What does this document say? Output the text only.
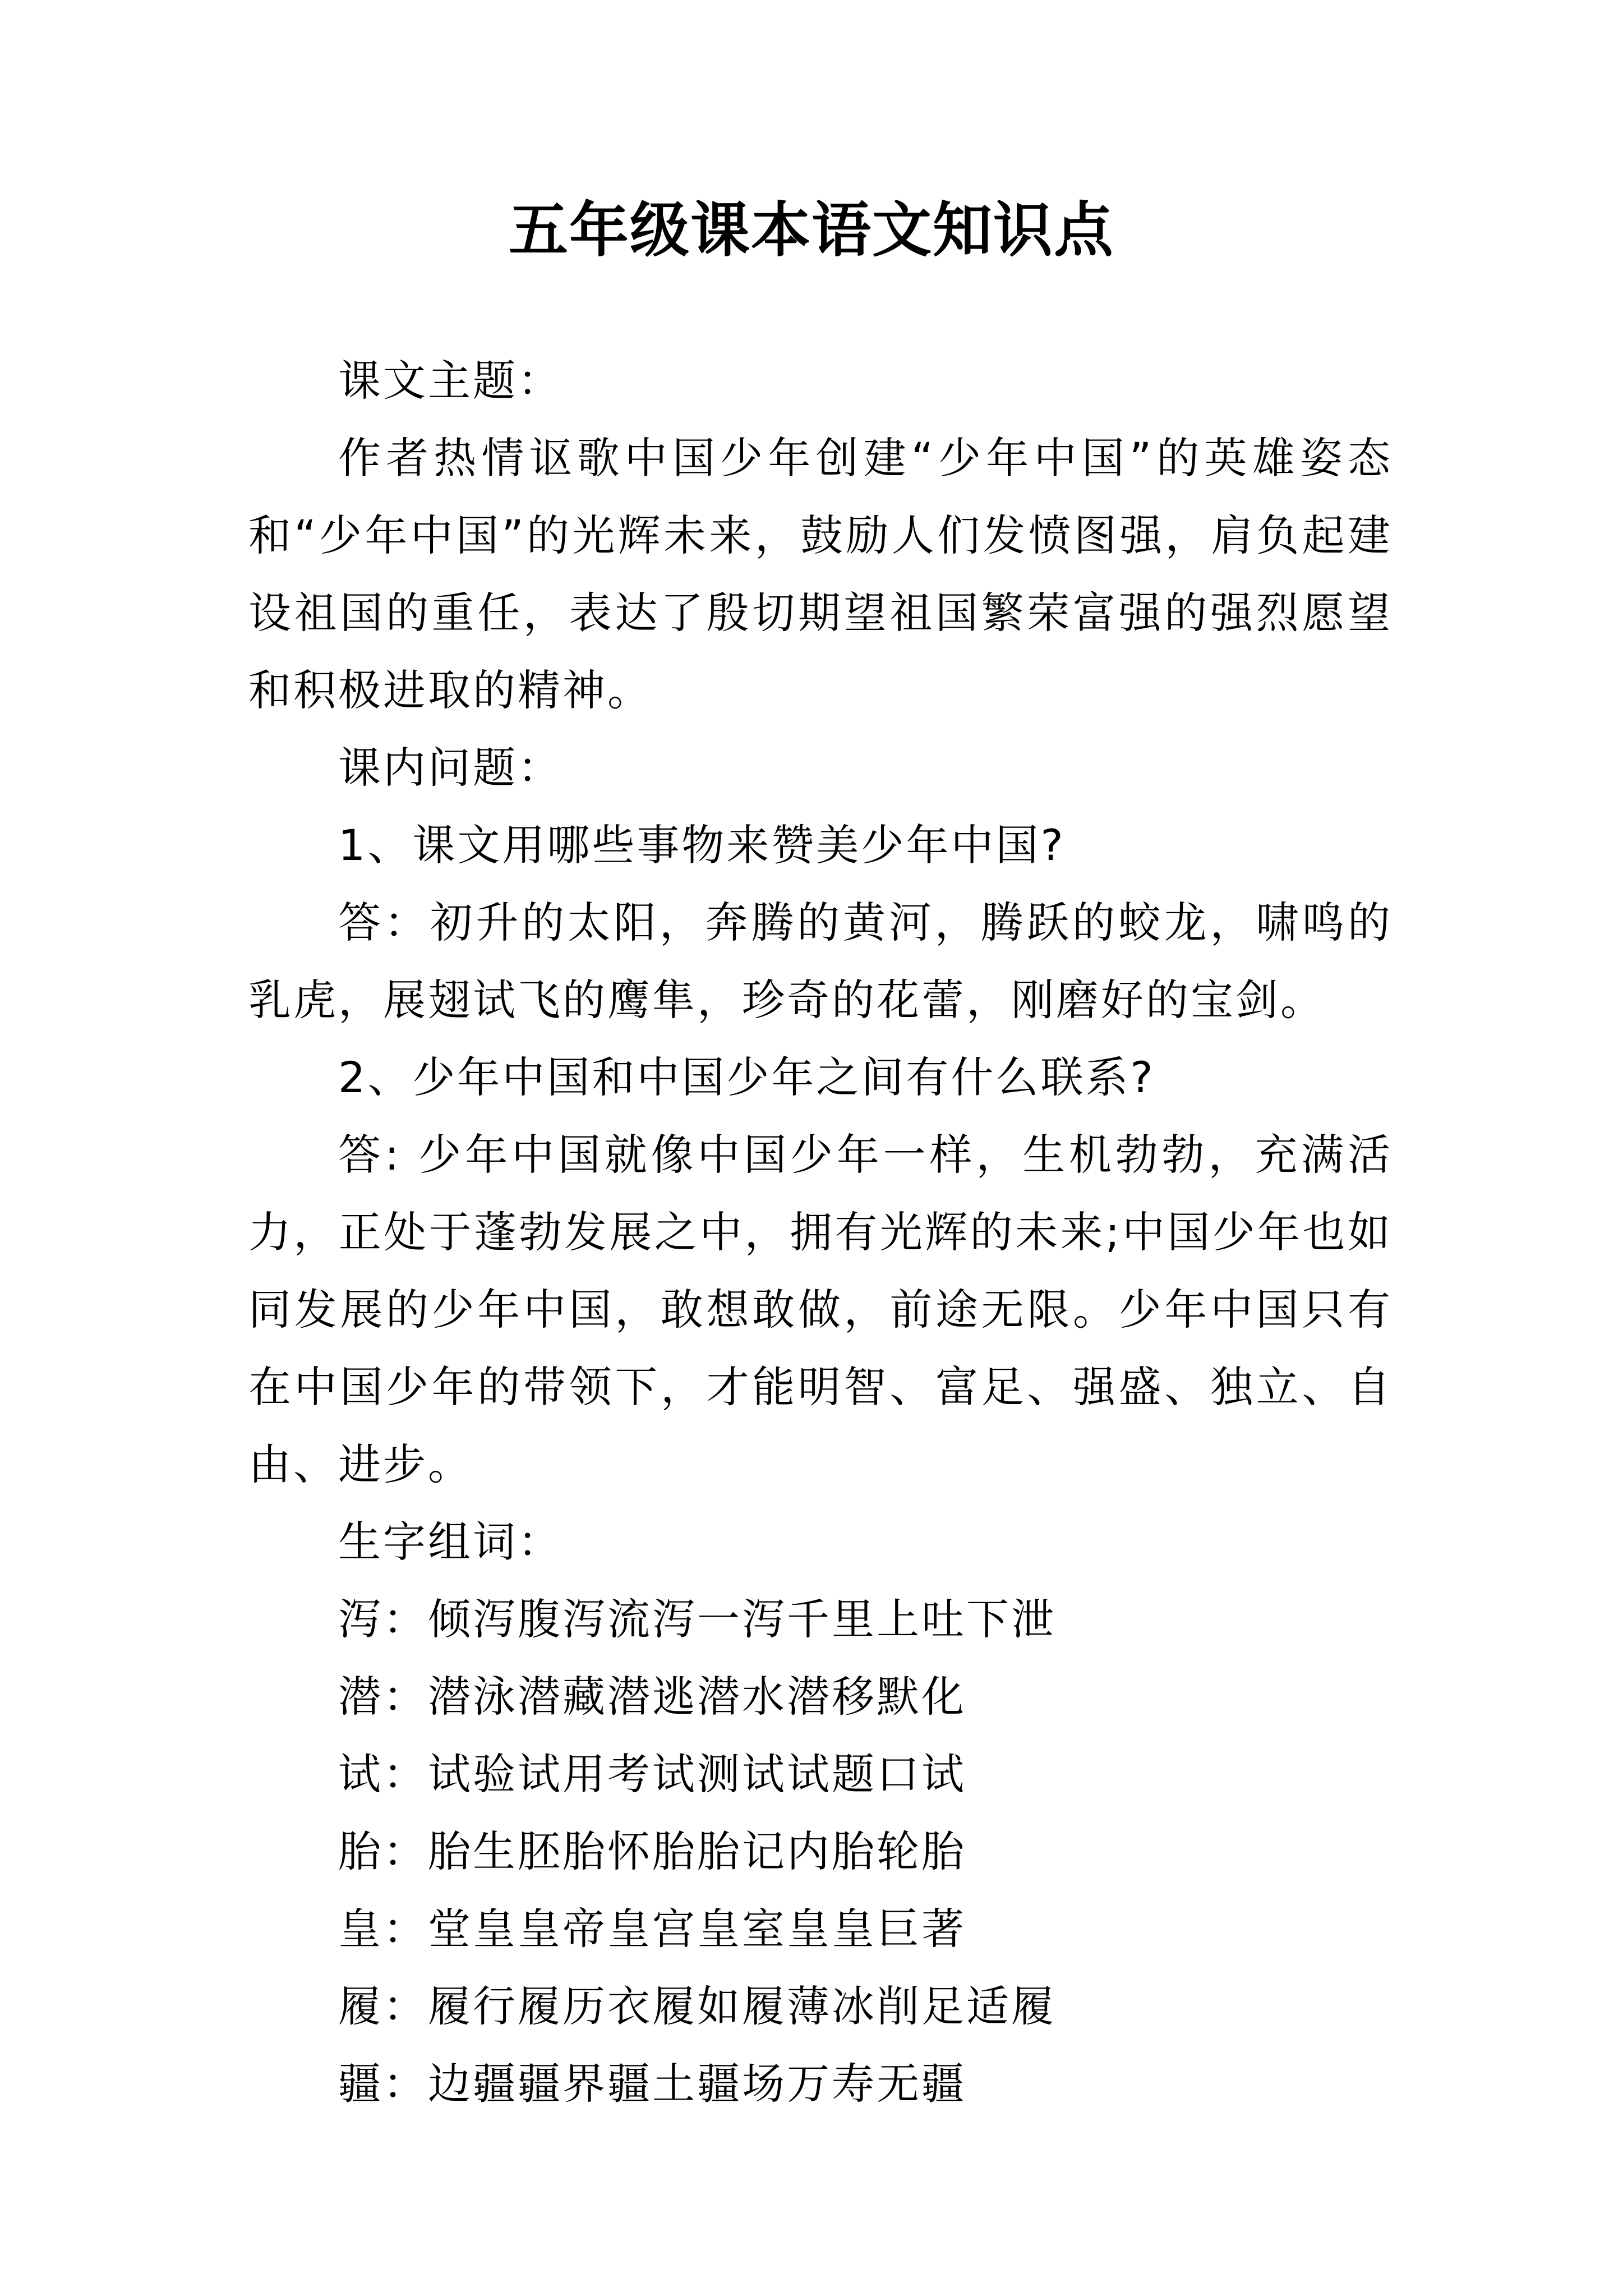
五年级课本语文知识点

课文主题：

作者热情讴歌中国少年创建“少年中国”的英雄姿态和“少年中国”的光辉未来，鼓励人们发愤图强，肩负起建设祖国的重任，表达了殷切期望祖国繁荣富强的强烈愿望和积极进取的精神。

课内问题：

1、课文用哪些事物来赞美少年中国?

答：初升的太阳，奔腾的黄河，腾跃的蛟龙，啸鸣的乳虎，展翅试飞的鹰隼，珍奇的花蕾，刚磨好的宝剑。

2、少年中国和中国少年之间有什么联系?

答: 少年中国就像中国少年一样，生机勃勃，充满活力，正处于蓬勃发展之中，拥有光辉的未来;中国少年也如同发展的少年中国，敢想敢做，前途无限。少年中国只有在中国少年的带领下，才能明智、富足、强盛、独立、自由、进步。

生字组词：

泻：倾泻腹泻流泻一泻千里上吐下泄

潜：潜泳潜藏潜逃潜水潜移默化

试：试验试用考试测试试题口试

胎：胎生胚胎怀胎胎记内胎轮胎

皇：堂皇皇帝皇宫皇室皇皇巨著

履：履行履历衣履如履薄冰削足适履

疆：边疆疆界疆土疆场万寿无疆
